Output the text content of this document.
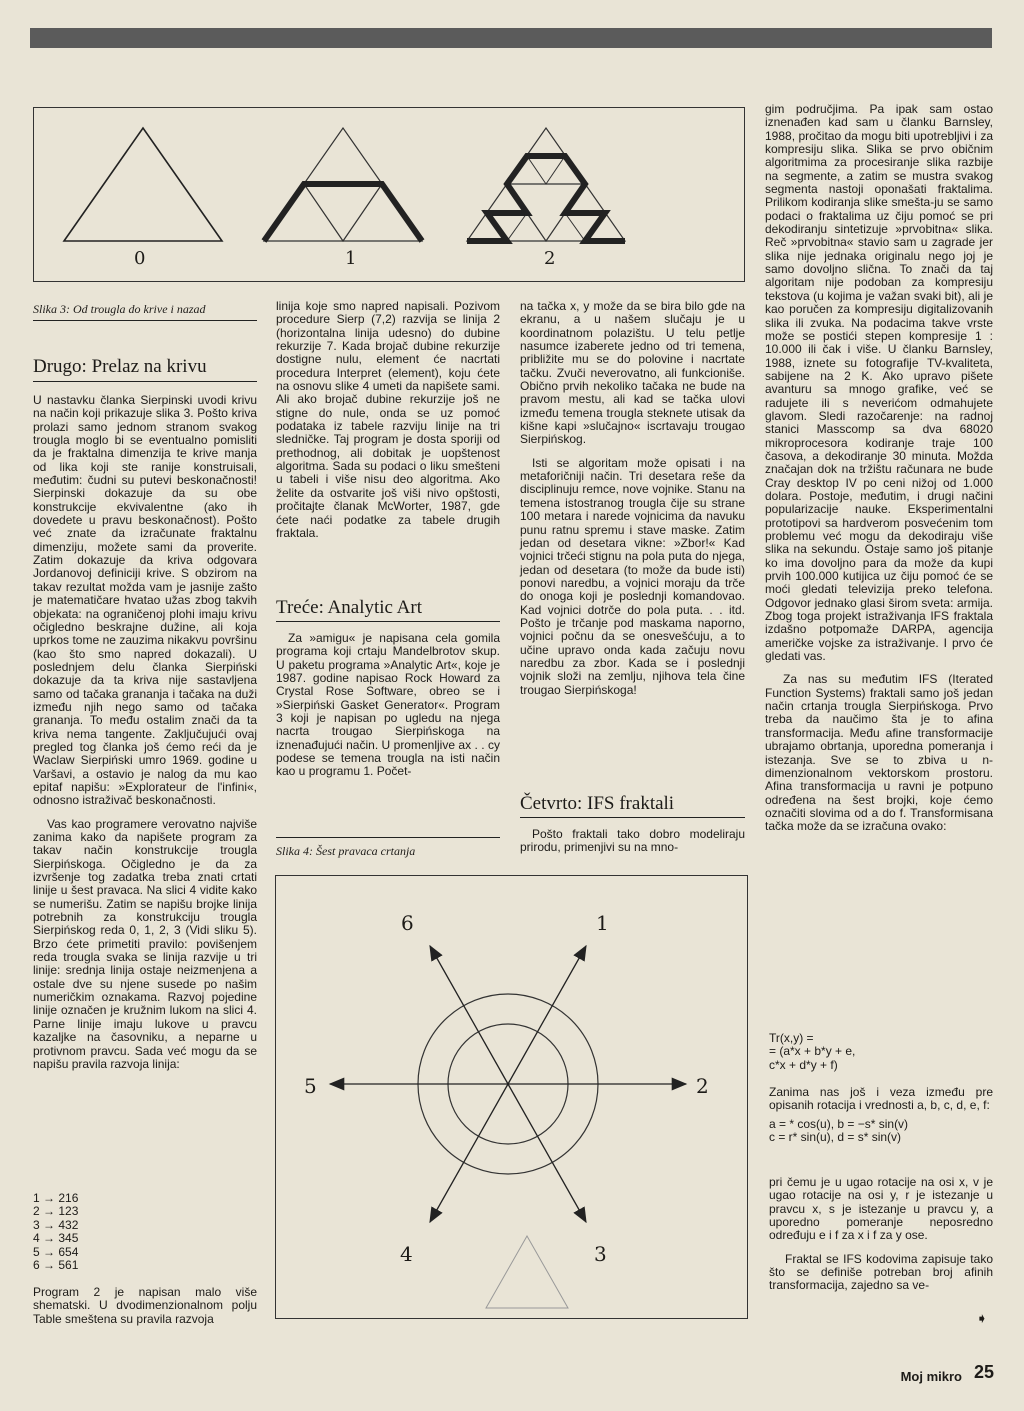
0	1	2
Slika 3: Od trougla do krive i nazad
Drugo: Prelaz na krivu

U nastavku članka Sierpinski uvodi krivu na način koji prikazuje slika 3. Pošto kriva prolazi samo jednom stranom svakog trougla moglo bi se eventualno pomisliti da je fraktalna dimenzija te krive manja od lika koji ste ranije konstruisali, međutim: čudni su putevi beskonačnosti! Sierpinski dokazuje da su obe konstrukcije ekvivalentne (ako ih dovedete u pravu beskonačnost). Pošto već znate da izračunate fraktalnu dimenziju, možete sami da proverite. Zatim dokazuje da kriva odgovara Jordanovoj definiciji krive. S obzirom na takav rezultat možda vam je jasnije zašto je matematičare hvatao užas zbog takvih objekata: na ograničenoj plohi imaju krivu očigledno beskrajne dužine, ali koja uprkos tome ne zauzima nikakvu površinu (kao što smo napred dokazali). U poslednjem delu članka Sierpiński dokazuje da ta kriva nije sastavljena samo od tačaka grananja i tačaka na duži između njih nego samo od tačaka grananja. To među ostalim znači da ta kriva nema tangente. Zaključujući ovaj pregled tog članka još ćemo reći da je Waclaw Sierpiński umro 1969. godine u Varšavi, a ostavio je nalog da mu kao epitaf napišu: »Explorateur de l'infini«, odnosno istraživač beskonačnosti.

Vas kao programere verovatno najviše zanima kako da napišete program za takav način konstrukcije trougla Sierpińskoga. Očigledno je da za izvršenje tog zadatka treba znati crtati linije u šest pravaca. Na slici 4 vidite kako se numerišu. Zatim se napišu brojke linija potrebnih za konstrukciju trougla Sierpińskog reda 0, 1, 2, 3 (Vidi sliku 5). Brzo ćete primetiti pravilo: povišenjem reda trougla svaka se linija razvije u tri linije: srednja linija ostaje neizmenjena a ostale dve su njene susede po našim numeričkim oznakama. Razvoj pojedine linije označen je kružnim lukom na slici 4. Parne linije imaju lukove u pravcu kazaljke na časovniku, a neparne u protivnom pravcu. Sada već mogu da se napišu pravila razvoja linija:

1 → 216
2 → 123
3 → 432
4 → 345
5 → 654
6 → 561

Program 2 je napisan malo više shematski. U dvodimenzionalnom polju Table smeštena su pravila razvoja

linija koje smo napred napisali. Pozivom procedure Sierp (7,2) razvija se linija 2 (horizontalna linija udesno) do dubine rekurzije 7. Kada brojač dubine rekurzije dostigne nulu, element će nacrtati procedura Interpret (element), koju ćete na osnovu slike 4 umeti da napišete sami. Ali ako brojač dubine rekurzije još ne stigne do nule, onda se uz pomoć podataka iz tabele razviju linije na tri sledničke. Taj program je dosta sporiji od prethodnog, ali dobitak je uopštenost algoritma. Sada su podaci o liku smešteni u tabeli i više nisu deo algoritma. Ako želite da ostvarite još viši nivo opštosti, pročitajte članak McWorter, 1987, gde ćete naći podatke za tabele drugih fraktala.

Treće: Analytic Art

Za »amigu« je napisana cela gomila programa koji crtaju Mandelbrotov skup. U paketu programa »Analytic Art«, koje je 1987. godine napisao Rock Howard za Crystal Rose Software, obreo se i »Sierpiński Gasket Generator«. Program 3 koji je napisan po ugledu na njega nacrta trougao Sierpińskoga na iznenađujući način. U promenljive ax . . cy podese se temena trougla na isti način kao u programu 1. Počet-

Slika 4: Šest pravaca crtanja

na tačka x, y može da se bira bilo gde na ekranu, a u našem slučaju je u koordinatnom polazištu. U telu petlje nasumce izaberete jedno od tri temena, približite mu se do polovine i nacrtate tačku. Zvuči neverovatno, ali funkcioniše. Obično prvih nekoliko tačaka ne bude na pravom mestu, ali kad se tačka ulovi između temena trougla steknete utisak da kišne kapi »slučajno« iscrtavaju trougao Sierpińskog.

Isti se algoritam može opisati i na metaforičniji način. Tri desetara reše da disciplinuju remce, nove vojnike. Stanu na temena istostranog trougla čije su strane 100 metara i narede vojnicima da navuku punu ratnu spremu i stave maske. Zatim jedan od desetara vikne: »Zbor!« Kad vojnici trčeći stignu na pola puta do njega, jedan od desetara (to može da bude isti) ponovi naredbu, a vojnici moraju da trče do onoga koji je poslednji komandovao. Kad vojnici dotrče do pola puta. . . itd. Pošto je trčanje pod maskama naporno, vojnici počnu da se onesvešćuju, a to učine upravo onda kada začuju novu naredbu za zbor. Kada se i poslednji vojnik složi na zemlju, njihova tela čine trougao Sierpińskoga!

Četvrto: IFS fraktali

Pošto fraktali tako dobro modeliraju prirodu, primenjivi su na mno-

6	1
2
3
4
5

gim područjima. Pa ipak sam ostao iznenađen kad sam u članku Barnsley, 1988, pročitao da mogu biti upotrebljivi i za kompresiju slika. Slika se prvo običnim algoritmima za procesiranje slika razbije na segmente, a zatim se mustra svakog segmenta nastoji oponašati fraktalima. Prilikom kodiranja slike smešta-ju se samo podaci o fraktalima uz čiju pomoć se pri dekodiranju sintetizuje »prvobitna« slika. Reč »prvobitna« stavio sam u zagrade jer slika nije jednaka originalu nego joj je samo dovoljno slična. To znači da taj algoritam nije podoban za kompresiju tekstova (u kojima je važan svaki bit), ali je kao poručen za kompresiju digitalizovanih slika ili zvuka. Na podacima takve vrste može se postići stepen kompresije 1 : 10.000 ili čak i više. U članku Barnsley, 1988, iznete su fotografije TV-kvaliteta, sabijene na 2 K. Ako upravo pišete avanturu sa mnogo grafike, već se radujete ili s neverićom odmahujete glavom. Sledi razočarenje: na radnoj stanici Masscomp sa dva 68020 mikroprocesora kodiranje traje 100 časova, a dekodiranje 30 minuta. Možda značajan dok na tržištu računara ne bude Cray desktop IV po ceni nižoj od 1.000 dolara. Postoje, međutim, i drugi načini popularizacije nauke. Eksperimentalni prototipovi sa hardverom posvećenim tom problemu već mogu da dekodiraju više slika na sekundu. Ostaje samo još pitanje ko ima dovoljno para da može da kupi prvih 100.000 kutijica uz čiju pomoć će se moći gledati televizija preko telefona. Odgovor jednako glasi širom sveta: armija. Zbog toga projekt istraživanja IFS fraktala izdašno potpomaže DARPA, agencija američke vojske za istraživanje. I prvo će gledati vas.

Za nas su međutim IFS (Iterated Function Systems) fraktali samo još jedan način crtanja trougla Sierpińskoga. Prvo treba da naučimo šta je to afina transformacija. Među afine transformacije ubrajamo obrtanja, uporedna pomeranja i istezanja. Sve se to zbiva u n-dimenzionalnom vektorskom prostoru. Afina transformacija u ravni je potpuno određena na šest brojki, koje ćemo označiti slovima od a do f. Transformisana tačka može da se izračuna ovako:

Tr(x,y) =
= (a*x + b*y + e,
c*x + d*y + f)

Zanima nas još i veza između pre opisanih rotacija i vrednosti a, b, c, d, e, f:

a = * cos(u), b = −s* sin(v)
c = r* sin(u), d = s* sin(v)

pri čemu je u ugao rotacije na osi x, v je ugao rotacije na osi y, r je istezanje u pravcu x, s je istezanje u pravcu y, a uporedno pomeranje neposredno određuju e i f za x i f za y ose.

Fraktal se IFS kodovima zapisuje tako što se definiše potreban broj afinih transformacija, zajedno sa ve-

➧
Moj mikro 25
